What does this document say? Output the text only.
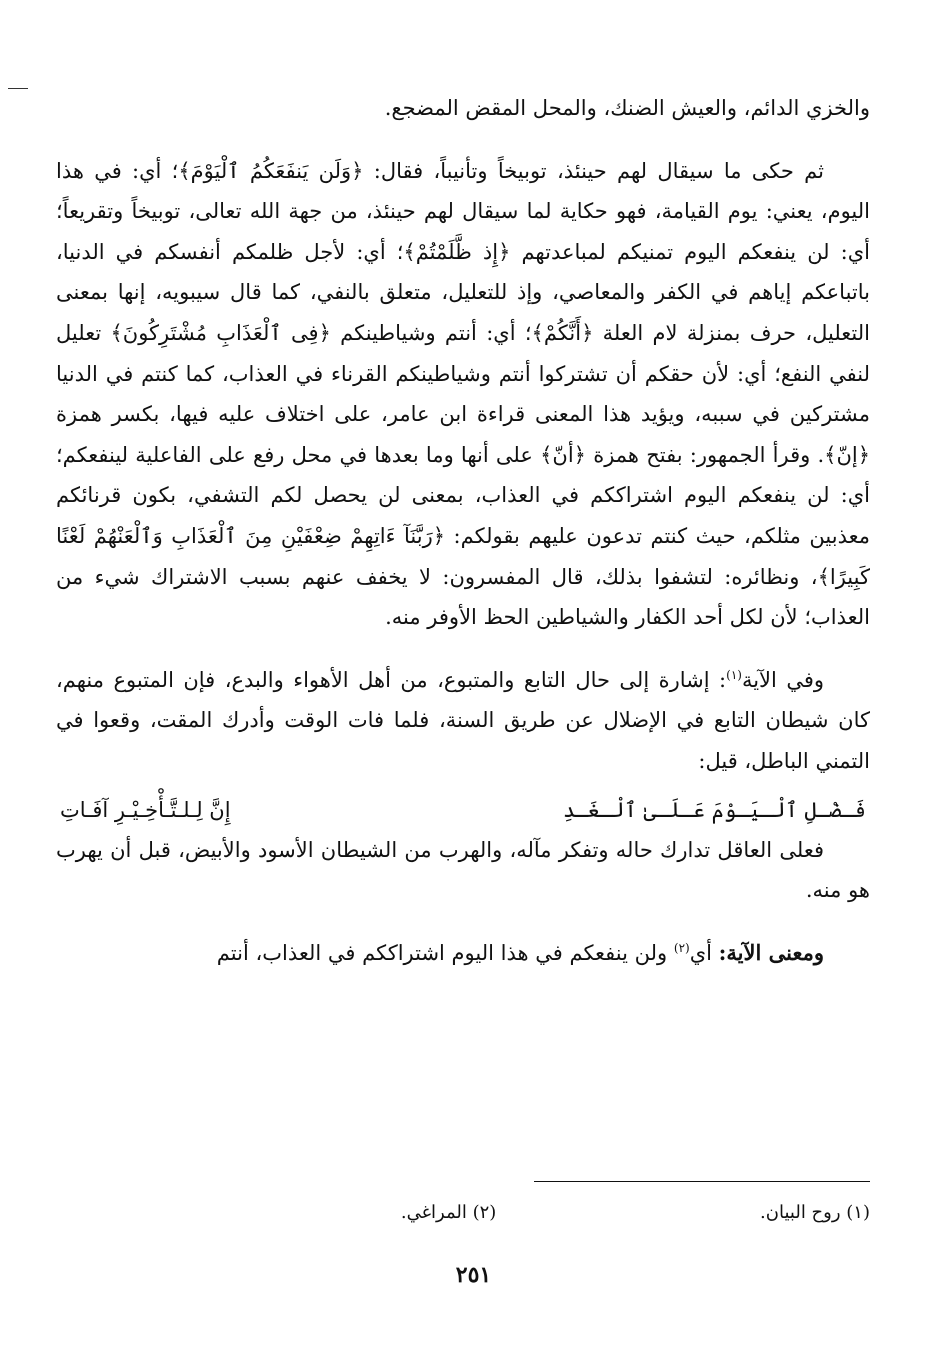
والخزي الدائم، والعيش الضنك، والمحل المقض المضجع.

ثم حكى ما سيقال لهم حينئذ، توبيخاً وتأنيباً، فقال: ﴿وَلَن يَنفَعَكُمُ ٱلْيَوْمَ﴾؛ أي: في هذا اليوم، يعني: يوم القيامة، فهو حكاية لما سيقال لهم حينئذ، من جهة الله تعالى، توبيخاً وتقريعاً؛ أي: لن ينفعكم اليوم تمنيكم لمباعدتهم ﴿إِذ ظَّلَمْتُمْ﴾؛ أي: لأجل ظلمكم أنفسكم في الدنيا، باتباعكم إياهم في الكفر والمعاصي، وإذ للتعليل، متعلق بالنفي، كما قال سيبويه، إنها بمعنى التعليل، حرف بمنزلة لام العلة ﴿أَنَّكُمْ﴾؛ أي: أنتم وشياطينكم ﴿فِى ٱلْعَذَابِ مُشْتَرِكُونَ﴾ تعليل لنفي النفع؛ أي: لأن حقكم أن تشتركوا أنتم وشياطينكم القرناء في العذاب، كما كنتم في الدنيا مشتركين في سببه، ويؤيد هذا المعنى قراءة ابن عامر، على اختلاف عليه فيها، بكسر همزة ﴿إنّ﴾. وقرأ الجمهور: بفتح همزة ﴿أنّ﴾ على أنها وما بعدها في محل رفع على الفاعلية لينفعكم؛ أي: لن ينفعكم اليوم اشتراككم في العذاب، بمعنى لن يحصل لكم التشفي، بكون قرنائكم معذبين مثلكم، حيث كنتم تدعون عليهم بقولكم: ﴿رَبَّنَآ ءَاتِهِمْ ضِعْفَيْنِ مِنَ ٱلْعَذَابِ وَٱلْعَنْهُمْ لَعْنًا كَبِيرًا﴾، ونظائره: لتشفوا بذلك، قال المفسرون: لا يخفف عنهم بسبب الاشتراك شيء من العذاب؛ لأن لكل أحد الكفار والشياطين الحظ الأوفر منه.

وفي الآية$^{(١)}$: إشارة إلى حال التابع والمتبوع، من أهل الأهواء والبدع، فإن المتبوع منهم، كان شيطان التابع في الإضلال عن طريق السنة، فلما فات الوقت وأدرك المقت، وقعوا في التمني الباطل، قيل:

فَـضْـلِ ٱلْـيَـوْمَ عَـلَـىٰ ٱلْـغَـدِ
إِنَّ لِـلـتَّـأْخِـيْـرِ آفَـاتِ

فعلى العاقل تدارك حاله وتفكر مآله، والهرب من الشيطان الأسود والأبيض، قبل أن يهرب هو منه.

ومعنى الآية: أي$^{(٢)}$ ولن ينفعكم في هذا اليوم اشتراككم في العذاب، أنتم

(١) روح البيان. (٢) المراغي.
٢٥١
